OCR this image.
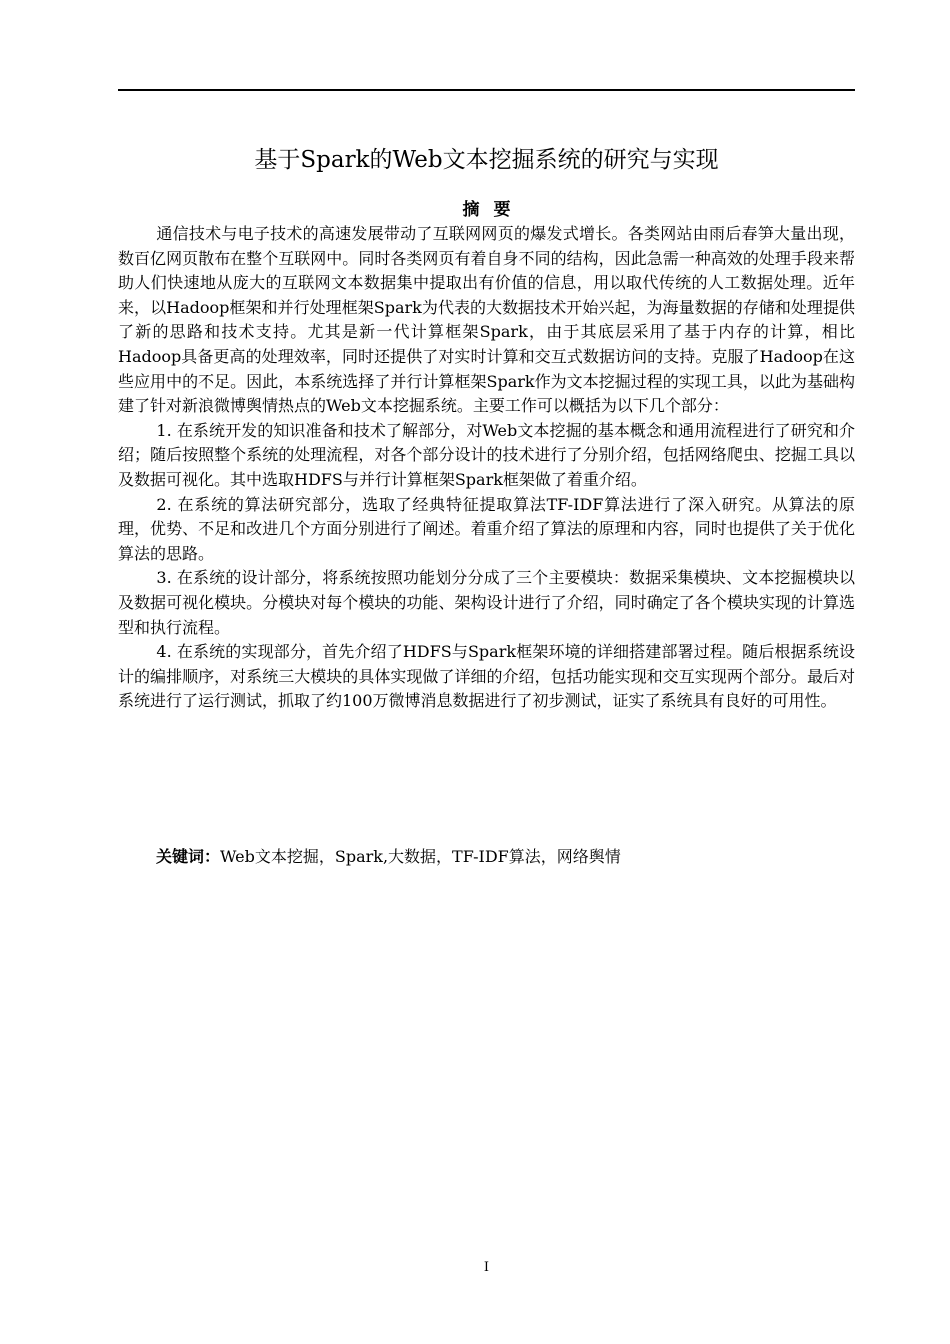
基于Spark的Web文本挖掘系统的研究与实现
摘要

通信技术与电子技术的高速发展带动了互联网网页的爆发式增长。各类网站由雨后春笋大量出现，数百亿网页散布在整个互联网中。同时各类网页有着自身不同的结构，因此急需一种高效的处理手段来帮助人们快速地从庞大的互联网文本数据集中提取出有价值的信息，用以取代传统的人工数据处理。近年来，以Hadoop框架和并行处理框架Spark为代表的大数据技术开始兴起，为海量数据的存储和处理提供了新的思路和技术支持。尤其是新一代计算框架Spark，由于其底层采用了基于内存的计算，相比Hadoop具备更高的处理效率，同时还提供了对实时计算和交互式数据访问的支持。克服了Hadoop在这些应用中的不足。因此，本系统选择了并行计算框架Spark作为文本挖掘过程的实现工具，以此为基础构建了针对新浪微博舆情热点的Web文本挖掘系统。主要工作可以概括为以下几个部分：

1. 在系统开发的知识准备和技术了解部分，对Web文本挖掘的基本概念和通用流程进行了研究和介绍；随后按照整个系统的处理流程，对各个部分设计的技术进行了分别介绍，包括网络爬虫、挖掘工具以及数据可视化。其中选取HDFS与并行计算框架Spark框架做了着重介绍。

2. 在系统的算法研究部分，选取了经典特征提取算法TF-IDF算法进行了深入研究。从算法的原理，优势、不足和改进几个方面分别进行了阐述。着重介绍了算法的原理和内容，同时也提供了关于优化算法的思路。

3. 在系统的设计部分，将系统按照功能划分分成了三个主要模块：数据采集模块、文本挖掘模块以及数据可视化模块。分模块对每个模块的功能、架构设计进行了介绍，同时确定了各个模块实现的计算选型和执行流程。

4. 在系统的实现部分，首先介绍了HDFS与Spark框架环境的详细搭建部署过程。随后根据系统设计的编排顺序，对系统三大模块的具体实现做了详细的介绍，包括功能实现和交互实现两个部分。最后对系统进行了运行测试，抓取了约100万微博消息数据进行了初步测试，证实了系统具有良好的可用性。

关键词：Web文本挖掘，Spark,大数据，TF-IDF算法，网络舆情

I
